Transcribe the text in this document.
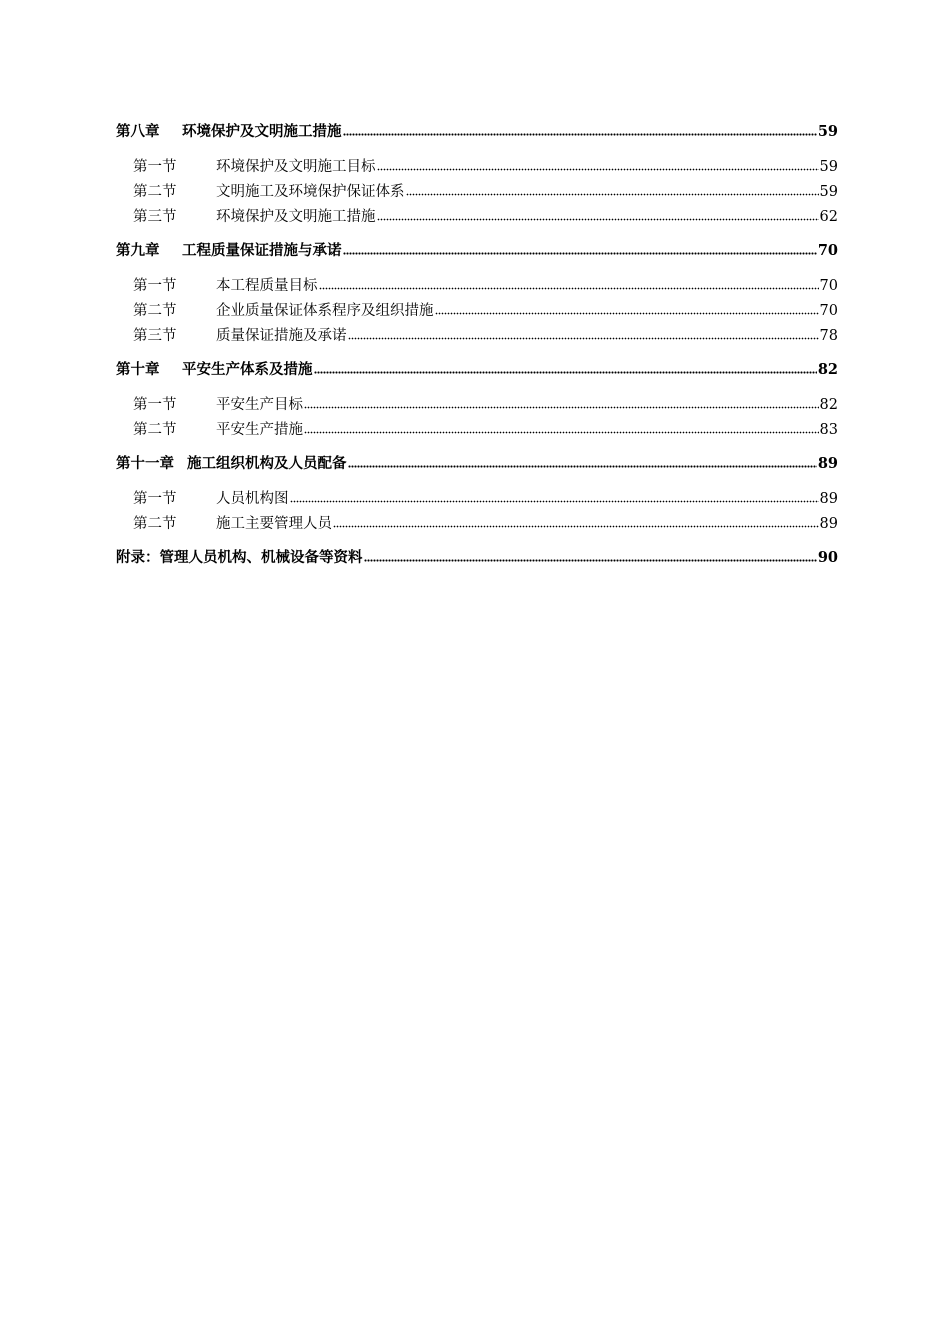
第八章	环境保护及文明施工措施	59
第一节	环境保护及文明施工目标	59
第二节	文明施工及环境保护保证体系	59
第三节	环境保护及文明施工措施	62
第九章	工程质量保证措施与承诺	70
第一节	本工程质量目标	70
第二节	企业质量保证体系程序及组织措施	70
第三节	质量保证措施及承诺	78
第十章	平安生产体系及措施	82
第一节	平安生产目标	82
第二节	平安生产措施	83
第十一章 施工组织机构及人员配备	89
第一节	人员机构图	89
第二节	施工主要管理人员	89
附录：管理人员机构、机械设备等资料	90
